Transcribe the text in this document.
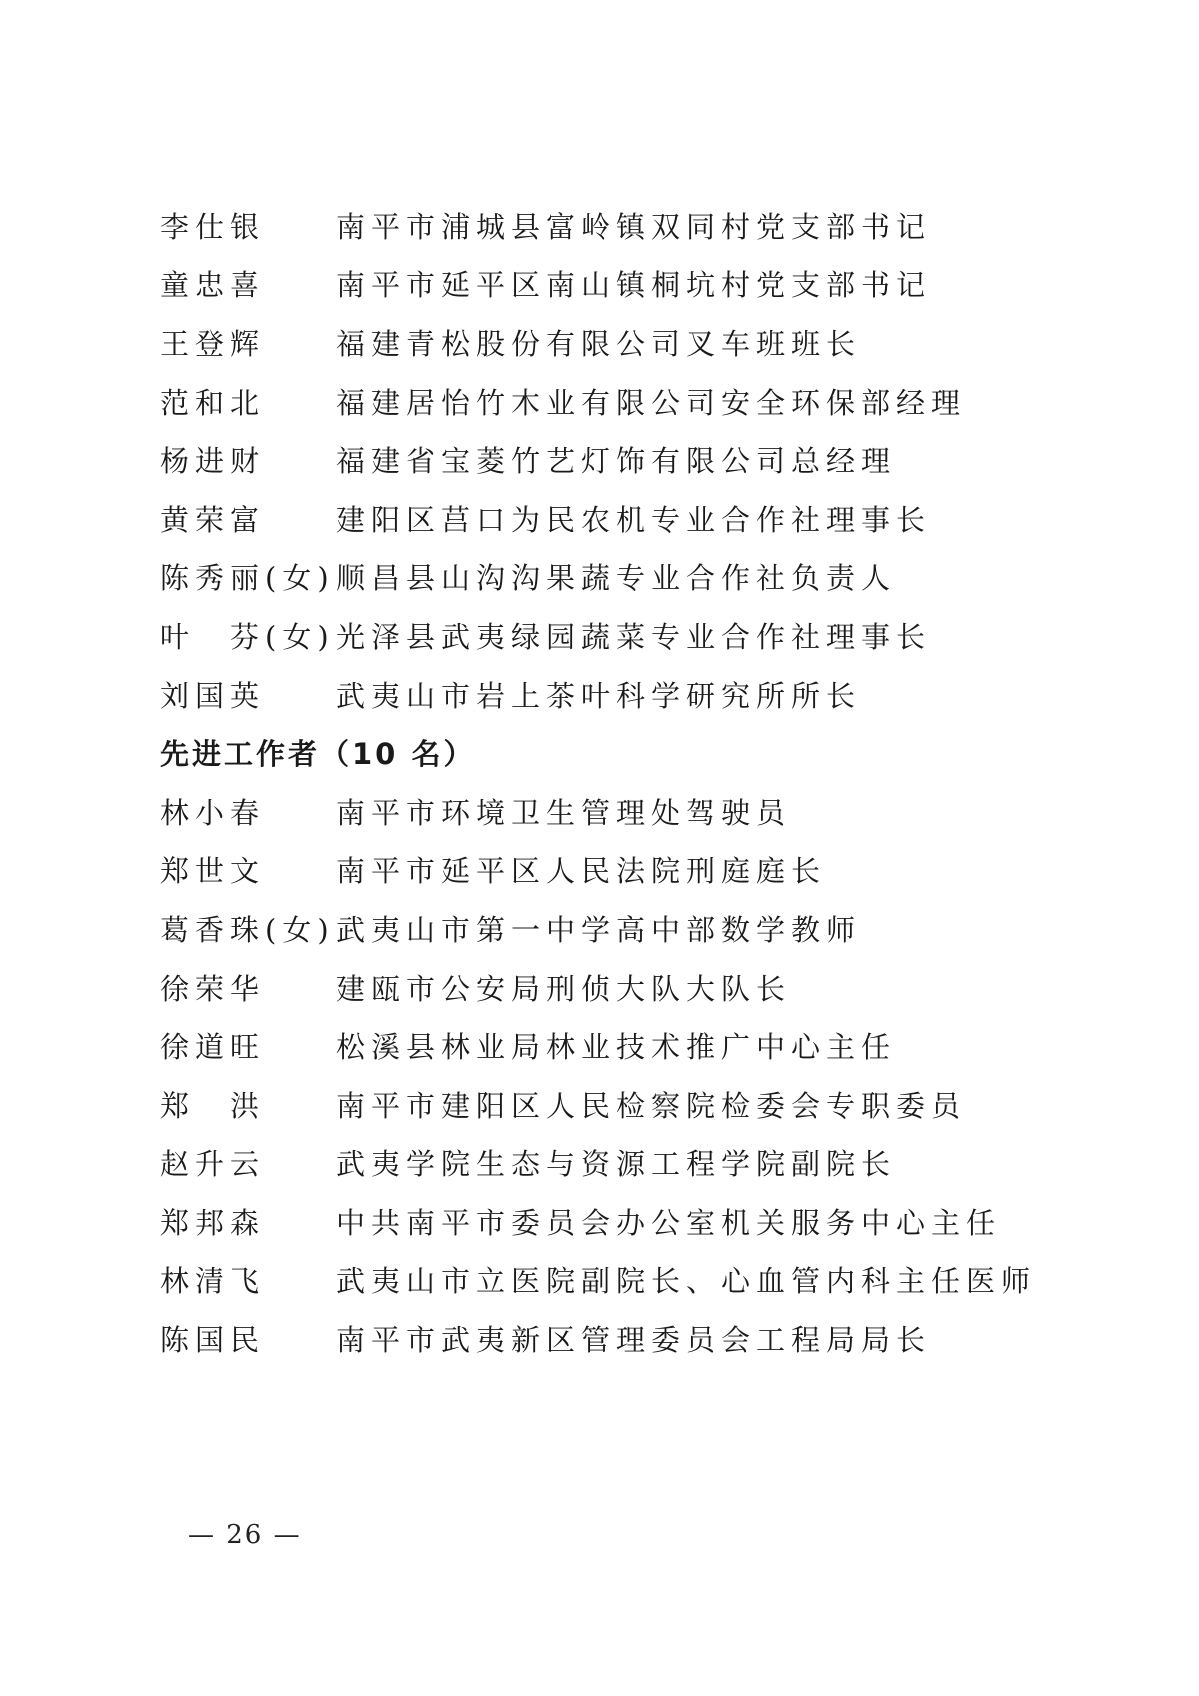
李仕银	南平市浦城县富岭镇双同村党支部书记
童忠喜	南平市延平区南山镇桐坑村党支部书记
王登辉	福建青松股份有限公司叉车班班长
范和北	福建居怡竹木业有限公司安全环保部经理
杨进财	福建省宝菱竹艺灯饰有限公司总经理
黄荣富	建阳区莒口为民农机专业合作社理事长
陈秀丽(女) 顺昌县山沟沟果蔬专业合作社负责人
叶　芬(女) 光泽县武夷绿园蔬菜专业合作社理事长
刘国英	武夷山市岩上茶叶科学研究所所长
先进工作者（10 名）
林小春	南平市环境卫生管理处驾驶员
郑世文	南平市延平区人民法院刑庭庭长
葛香珠(女) 武夷山市第一中学高中部数学教师
徐荣华	建瓯市公安局刑侦大队大队长
徐道旺	松溪县林业局林业技术推广中心主任
郑　洪	南平市建阳区人民检察院检委会专职委员
赵升云	武夷学院生态与资源工程学院副院长
郑邦森	中共南平市委员会办公室机关服务中心主任
林清飞	武夷山市立医院副院长、心血管内科主任医师
陈国民	南平市武夷新区管理委员会工程局局长
— 26 —
